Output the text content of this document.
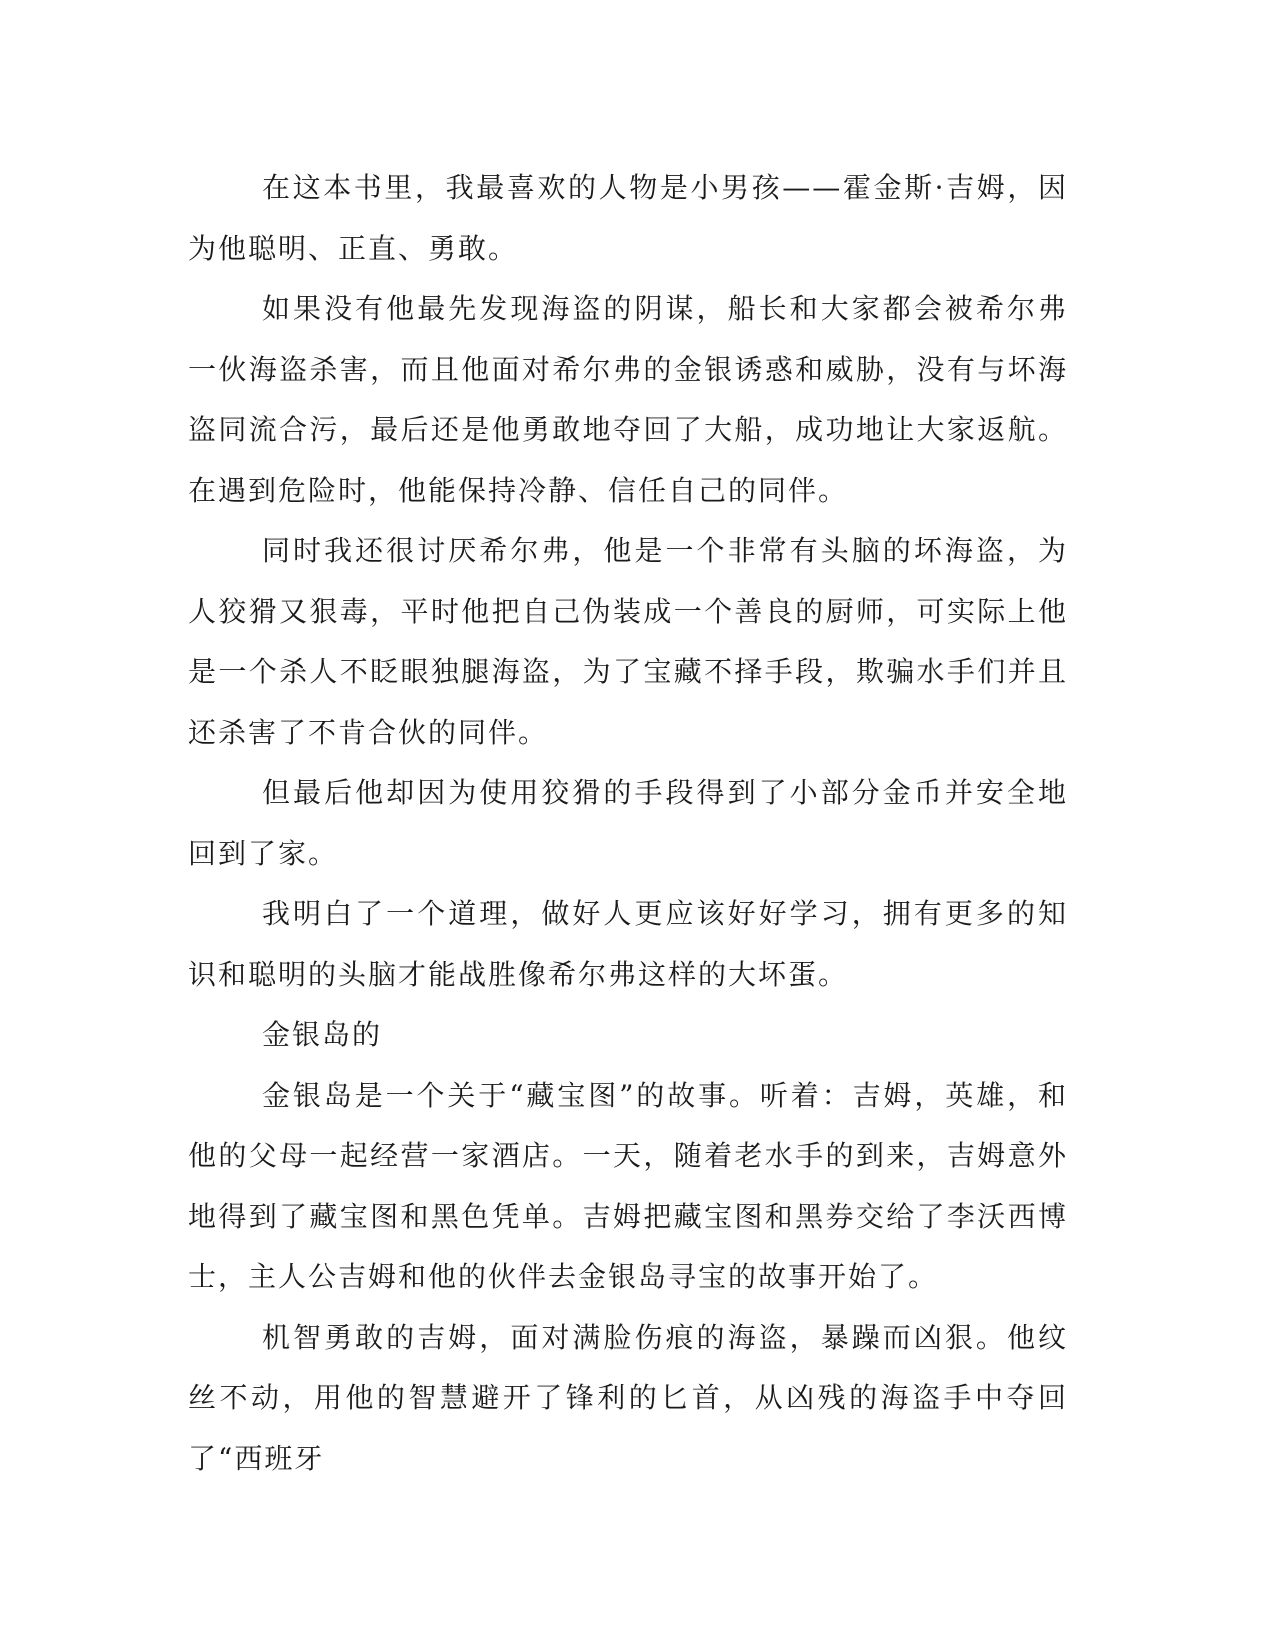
在这本书里，我最喜欢的人物是小男孩——霍金斯·吉姆，因为他聪明、正直、勇敢。

如果没有他最先发现海盗的阴谋，船长和大家都会被希尔弗一伙海盗杀害，而且他面对希尔弗的金银诱惑和威胁，没有与坏海盗同流合污，最后还是他勇敢地夺回了大船，成功地让大家返航。在遇到危险时，他能保持冷静、信任自己的同伴。

同时我还很讨厌希尔弗，他是一个非常有头脑的坏海盗，为人狡猾又狠毒，平时他把自己伪装成一个善良的厨师，可实际上他是一个杀人不眨眼独腿海盗，为了宝藏不择手段，欺骗水手们并且还杀害了不肯合伙的同伴。

但最后他却因为使用狡猾的手段得到了小部分金币并安全地回到了家。

我明白了一个道理，做好人更应该好好学习，拥有更多的知识和聪明的头脑才能战胜像希尔弗这样的大坏蛋。

金银岛的

金银岛是一个关于“藏宝图”的故事。听着：吉姆，英雄，和他的父母一起经营一家酒店。一天，随着老水手的到来，吉姆意外地得到了藏宝图和黑色凭单。吉姆把藏宝图和黑券交给了李沃西博士，主人公吉姆和他的伙伴去金银岛寻宝的故事开始了。

机智勇敢的吉姆，面对满脸伤痕的海盗，暴躁而凶狠。他纹丝不动，用他的智慧避开了锋利的匕首，从凶残的海盗手中夺回了“西班牙
